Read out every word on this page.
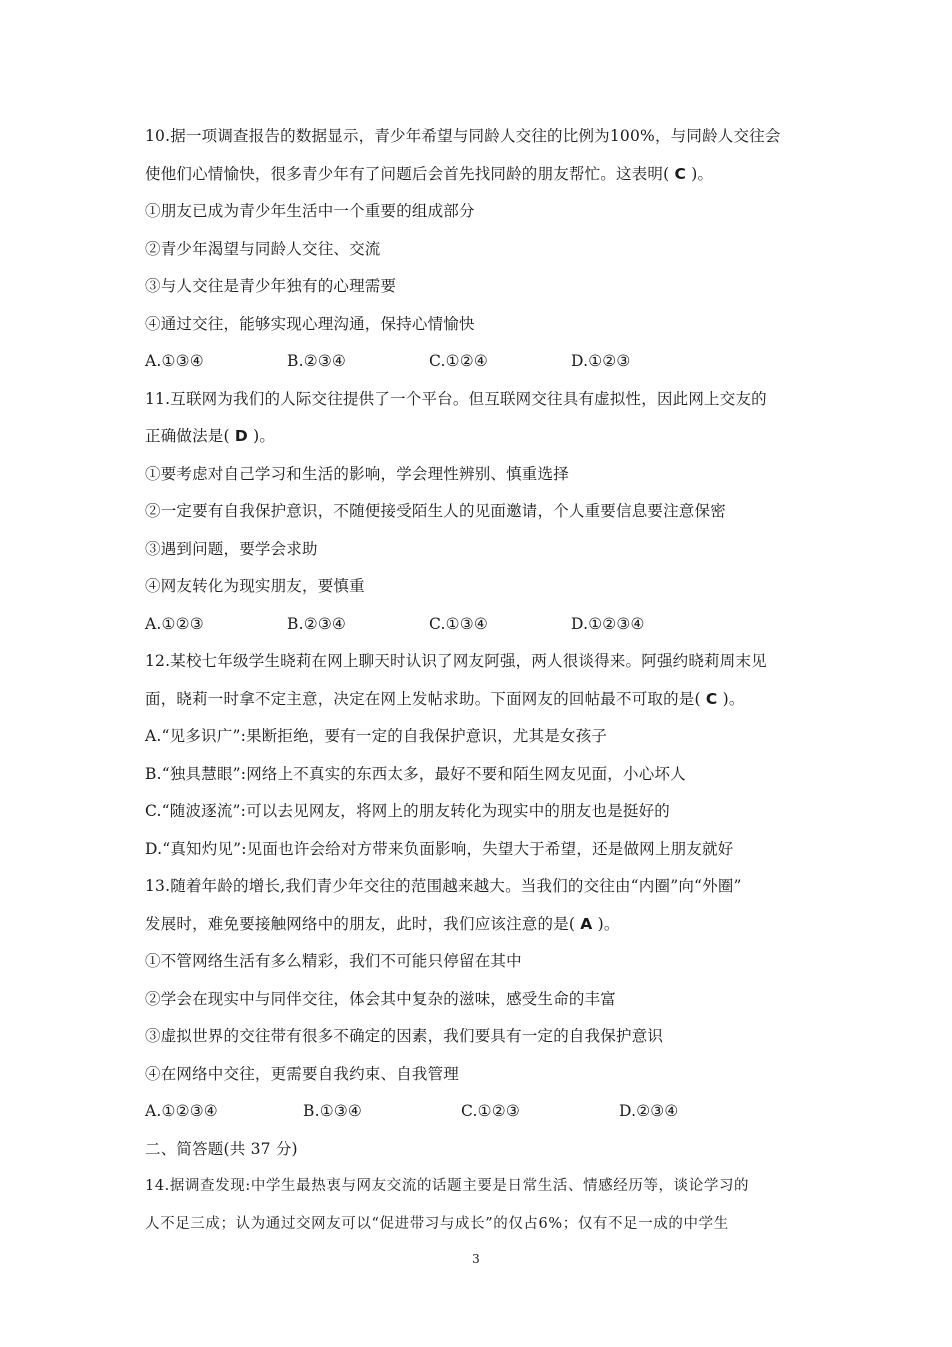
10.据一项调查报告的数据显示，青少年希望与同龄人交往的比例为100%，与同龄人交往会
使他们心情愉快，很多青少年有了问题后会首先找同龄的朋友帮忙。这表明( C )。
①朋友已成为青少年生活中一个重要的组成部分
②青少年渴望与同龄人交往、交流
③与人交往是青少年独有的心理需要
④通过交往，能够实现心理沟通，保持心情愉快
A.①③④	B.②③④	C.①②④	D.①②③
11.互联网为我们的人际交往提供了一个平台。但互联网交往具有虚拟性，因此网上交友的
正确做法是( D )。
①要考虑对自己学习和生活的影响，学会理性辨别、慎重选择
②一定要有自我保护意识，不随便接受陌生人的见面邀请，个人重要信息要注意保密
③遇到问题，要学会求助
④网友转化为现实朋友，要慎重
A.①②③	B.②③④	C.①③④	D.①②③④
12.某校七年级学生晓莉在网上聊天时认识了网友阿强，两人很谈得来。阿强约晓莉周末见
面，晓莉一时拿不定主意，决定在网上发帖求助。下面网友的回帖最不可取的是( C )。
A.“见多识广”:果断拒绝，要有一定的自我保护意识，尤其是女孩子
B.“独具慧眼”:网络上不真实的东西太多，最好不要和陌生网友见面，小心坏人
C.“随波逐流”:可以去见网友，将网上的朋友转化为现实中的朋友也是挺好的
D.“真知灼见”:见面也许会给对方带来负面影响，失望大于希望，还是做网上朋友就好
13.随着年龄的增长,我们青少年交往的范围越来越大。当我们的交往由“内圈”向“外圈”
发展时，难免要接触网络中的朋友，此时，我们应该注意的是( A )。
①不管网络生活有多么精彩，我们不可能只停留在其中
②学会在现实中与同伴交往，体会其中复杂的滋味，感受生命的丰富
③虚拟世界的交往带有很多不确定的因素，我们要具有一定的自我保护意识
④在网络中交往，更需要自我约束、自我管理
A.①②③④	B.①③④	C.①②③	D.②③④
二、简答题(共 37 分)
14.据调查发现:中学生最热衷与网友交流的话题主要是日常生活、情感经历等，谈论学习的
人不足三成；认为通过交网友可以“促进带习与成长”的仅占6%；仅有不足一成的中学生
3
